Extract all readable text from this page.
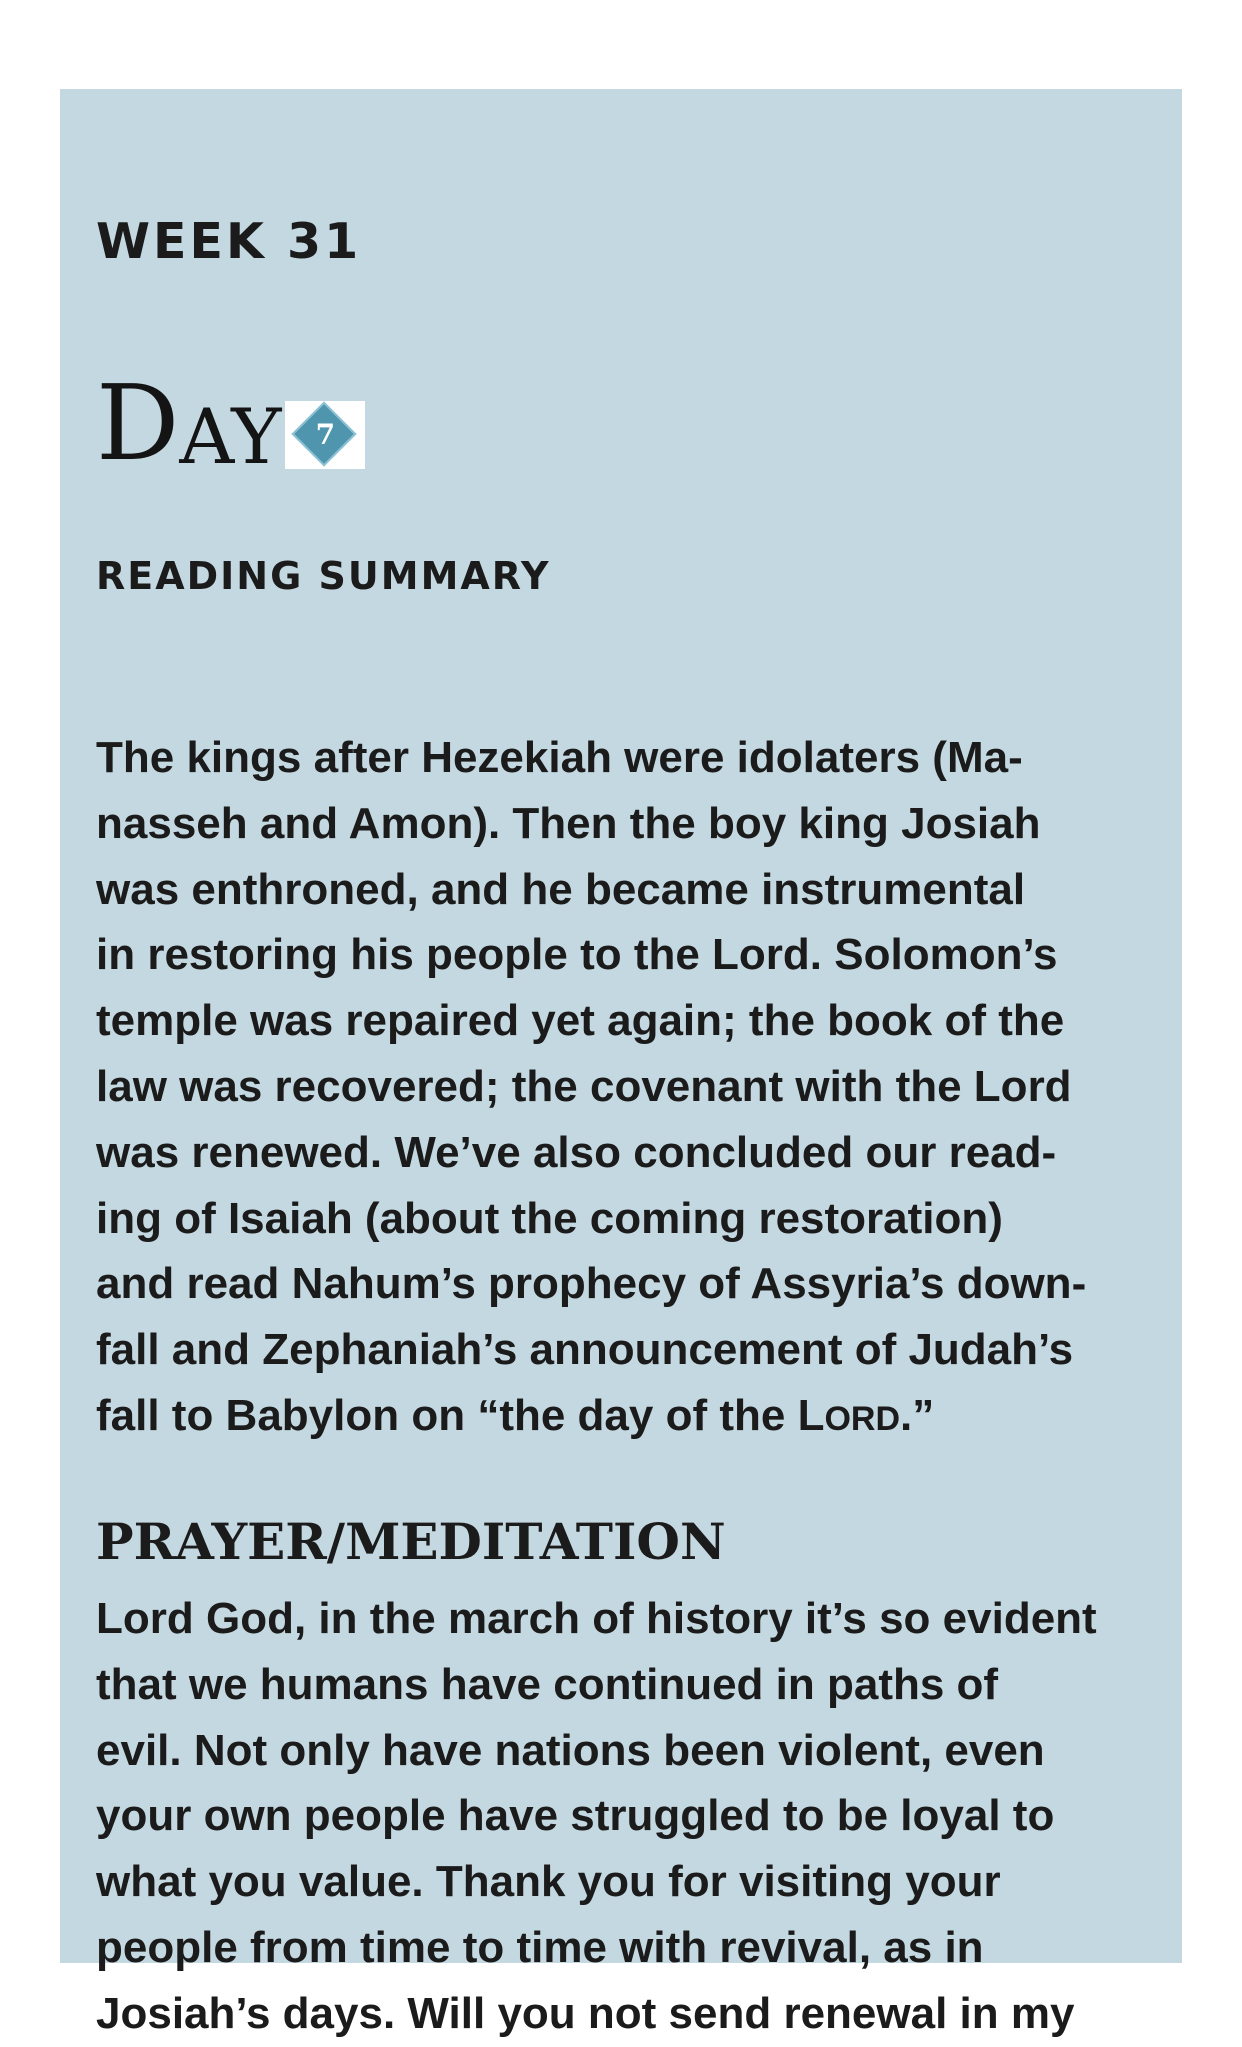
WEEK 31
D AY	7
READING SUMMARY

The kings after Hezekiah were idolaters (Ma-
nasseh and Amon). Then the boy king Josiah
was enthroned, and he became instrumental
in restoring his people to the Lord. Solomon’s
temple was repaired yet again; the book of the
law was recovered; the covenant with the Lord
was renewed. We’ve also concluded our read-
ing of Isaiah (about the coming restoration)
and read Nahum’s prophecy of Assyria’s down-
fall and Zephaniah’s announcement of Judah’s
fall to Babylon on “the day of the LORD.”

PRAYER/MEDITATION

Lord God, in the march of history it’s so evident
that we humans have continued in paths of
evil. Not only have nations been violent, even
your own people have struggled to be loyal to
what you value. Thank you for visiting your
people from time to time with revival, as in
Josiah’s days. Will you not send renewal in my
